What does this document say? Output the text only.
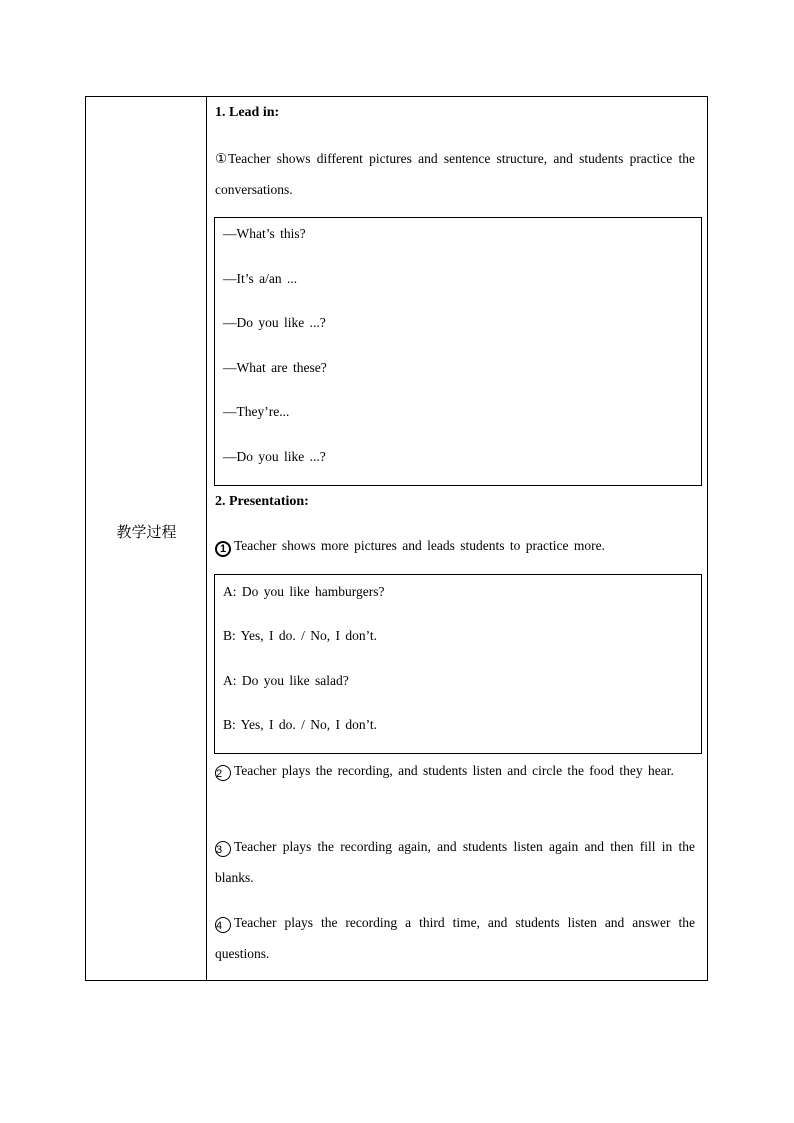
教学过程
1. Lead in:
①Teacher shows different pictures and sentence structure, and students practice the conversations.
—What’s this?
—It’s a/an ...
—Do you like ...?
—What are these?
—They’re...
—Do you like ...?
2. Presentation:
1 Teacher shows more pictures and leads students to practice more.
A: Do you like hamburgers?
B: Yes, I do. / No, I don’t.
A: Do you like salad?
B: Yes, I do. / No, I don’t.
2 Teacher plays the recording, and students listen and circle the food they hear.
3 Teacher plays the recording again, and students listen again and then fill in the blanks.
4 Teacher plays the recording a third time, and students listen and answer the questions.
